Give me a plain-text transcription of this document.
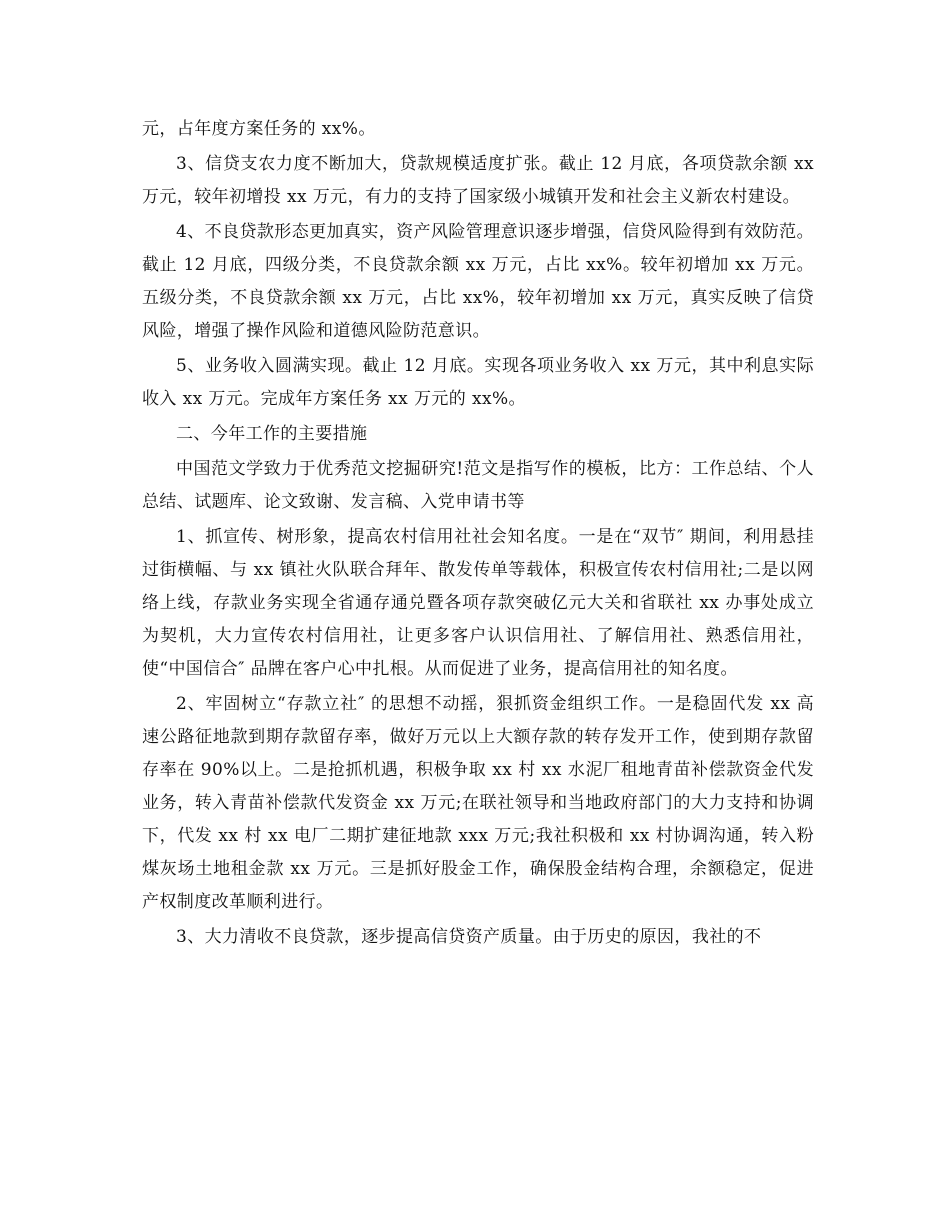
元，占年度方案任务的 xx%。

3、信贷支农力度不断加大，贷款规模适度扩张。截止 12 月底，各项贷款余额 xx 万元，较年初增投 xx 万元，有力的支持了国家级小城镇开发和社会主义新农村建设。

4、不良贷款形态更加真实，资产风险管理意识逐步增强，信贷风险得到有效防范。截止 12 月底，四级分类，不良贷款余额 xx 万元，占比 xx%。较年初增加 xx 万元。五级分类，不良贷款余额 xx 万元，占比 xx%，较年初增加 xx 万元，真实反映了信贷风险，增强了操作风险和道德风险防范意识。

5、业务收入圆满实现。截止 12 月底。实现各项业务收入 xx 万元，其中利息实际收入 xx 万元。完成年方案任务 xx 万元的 xx%。

二、今年工作的主要措施

中国范文学致力于优秀范文挖掘研究!范文是指写作的模板，比方：工作总结、个人总结、试题库、论文致谢、发言稿、入党申请书等

1、抓宣传、树形象，提高农村信用社社会知名度。一是在“双节″ 期间，利用悬挂过街横幅、与 xx 镇社火队联合拜年、散发传单等载体，积极宣传农村信用社;二是以网络上线，存款业务实现全省通存通兑暨各项存款突破亿元大关和省联社 xx 办事处成立为契机，大力宣传农村信用社，让更多客户认识信用社、了解信用社、熟悉信用社，使“中国信合″ 品牌在客户心中扎根。从而促进了业务，提高信用社的知名度。

2、牢固树立“存款立社″ 的思想不动摇，狠抓资金组织工作。一是稳固代发 xx 高速公路征地款到期存款留存率，做好万元以上大额存款的转存发开工作，使到期存款留存率在 90%以上。二是抢抓机遇，积极争取 xx 村 xx 水泥厂租地青苗补偿款资金代发业务，转入青苗补偿款代发资金 xx 万元;在联社领导和当地政府部门的大力支持和协调下，代发 xx 村 xx 电厂二期扩建征地款 xxx 万元;我社积极和 xx 村协调沟通，转入粉煤灰场土地租金款 xx 万元。三是抓好股金工作，确保股金结构合理，余额稳定，促进产权制度改革顺利进行。

3、大力清收不良贷款，逐步提高信贷资产质量。由于历史的原因，我社的不
